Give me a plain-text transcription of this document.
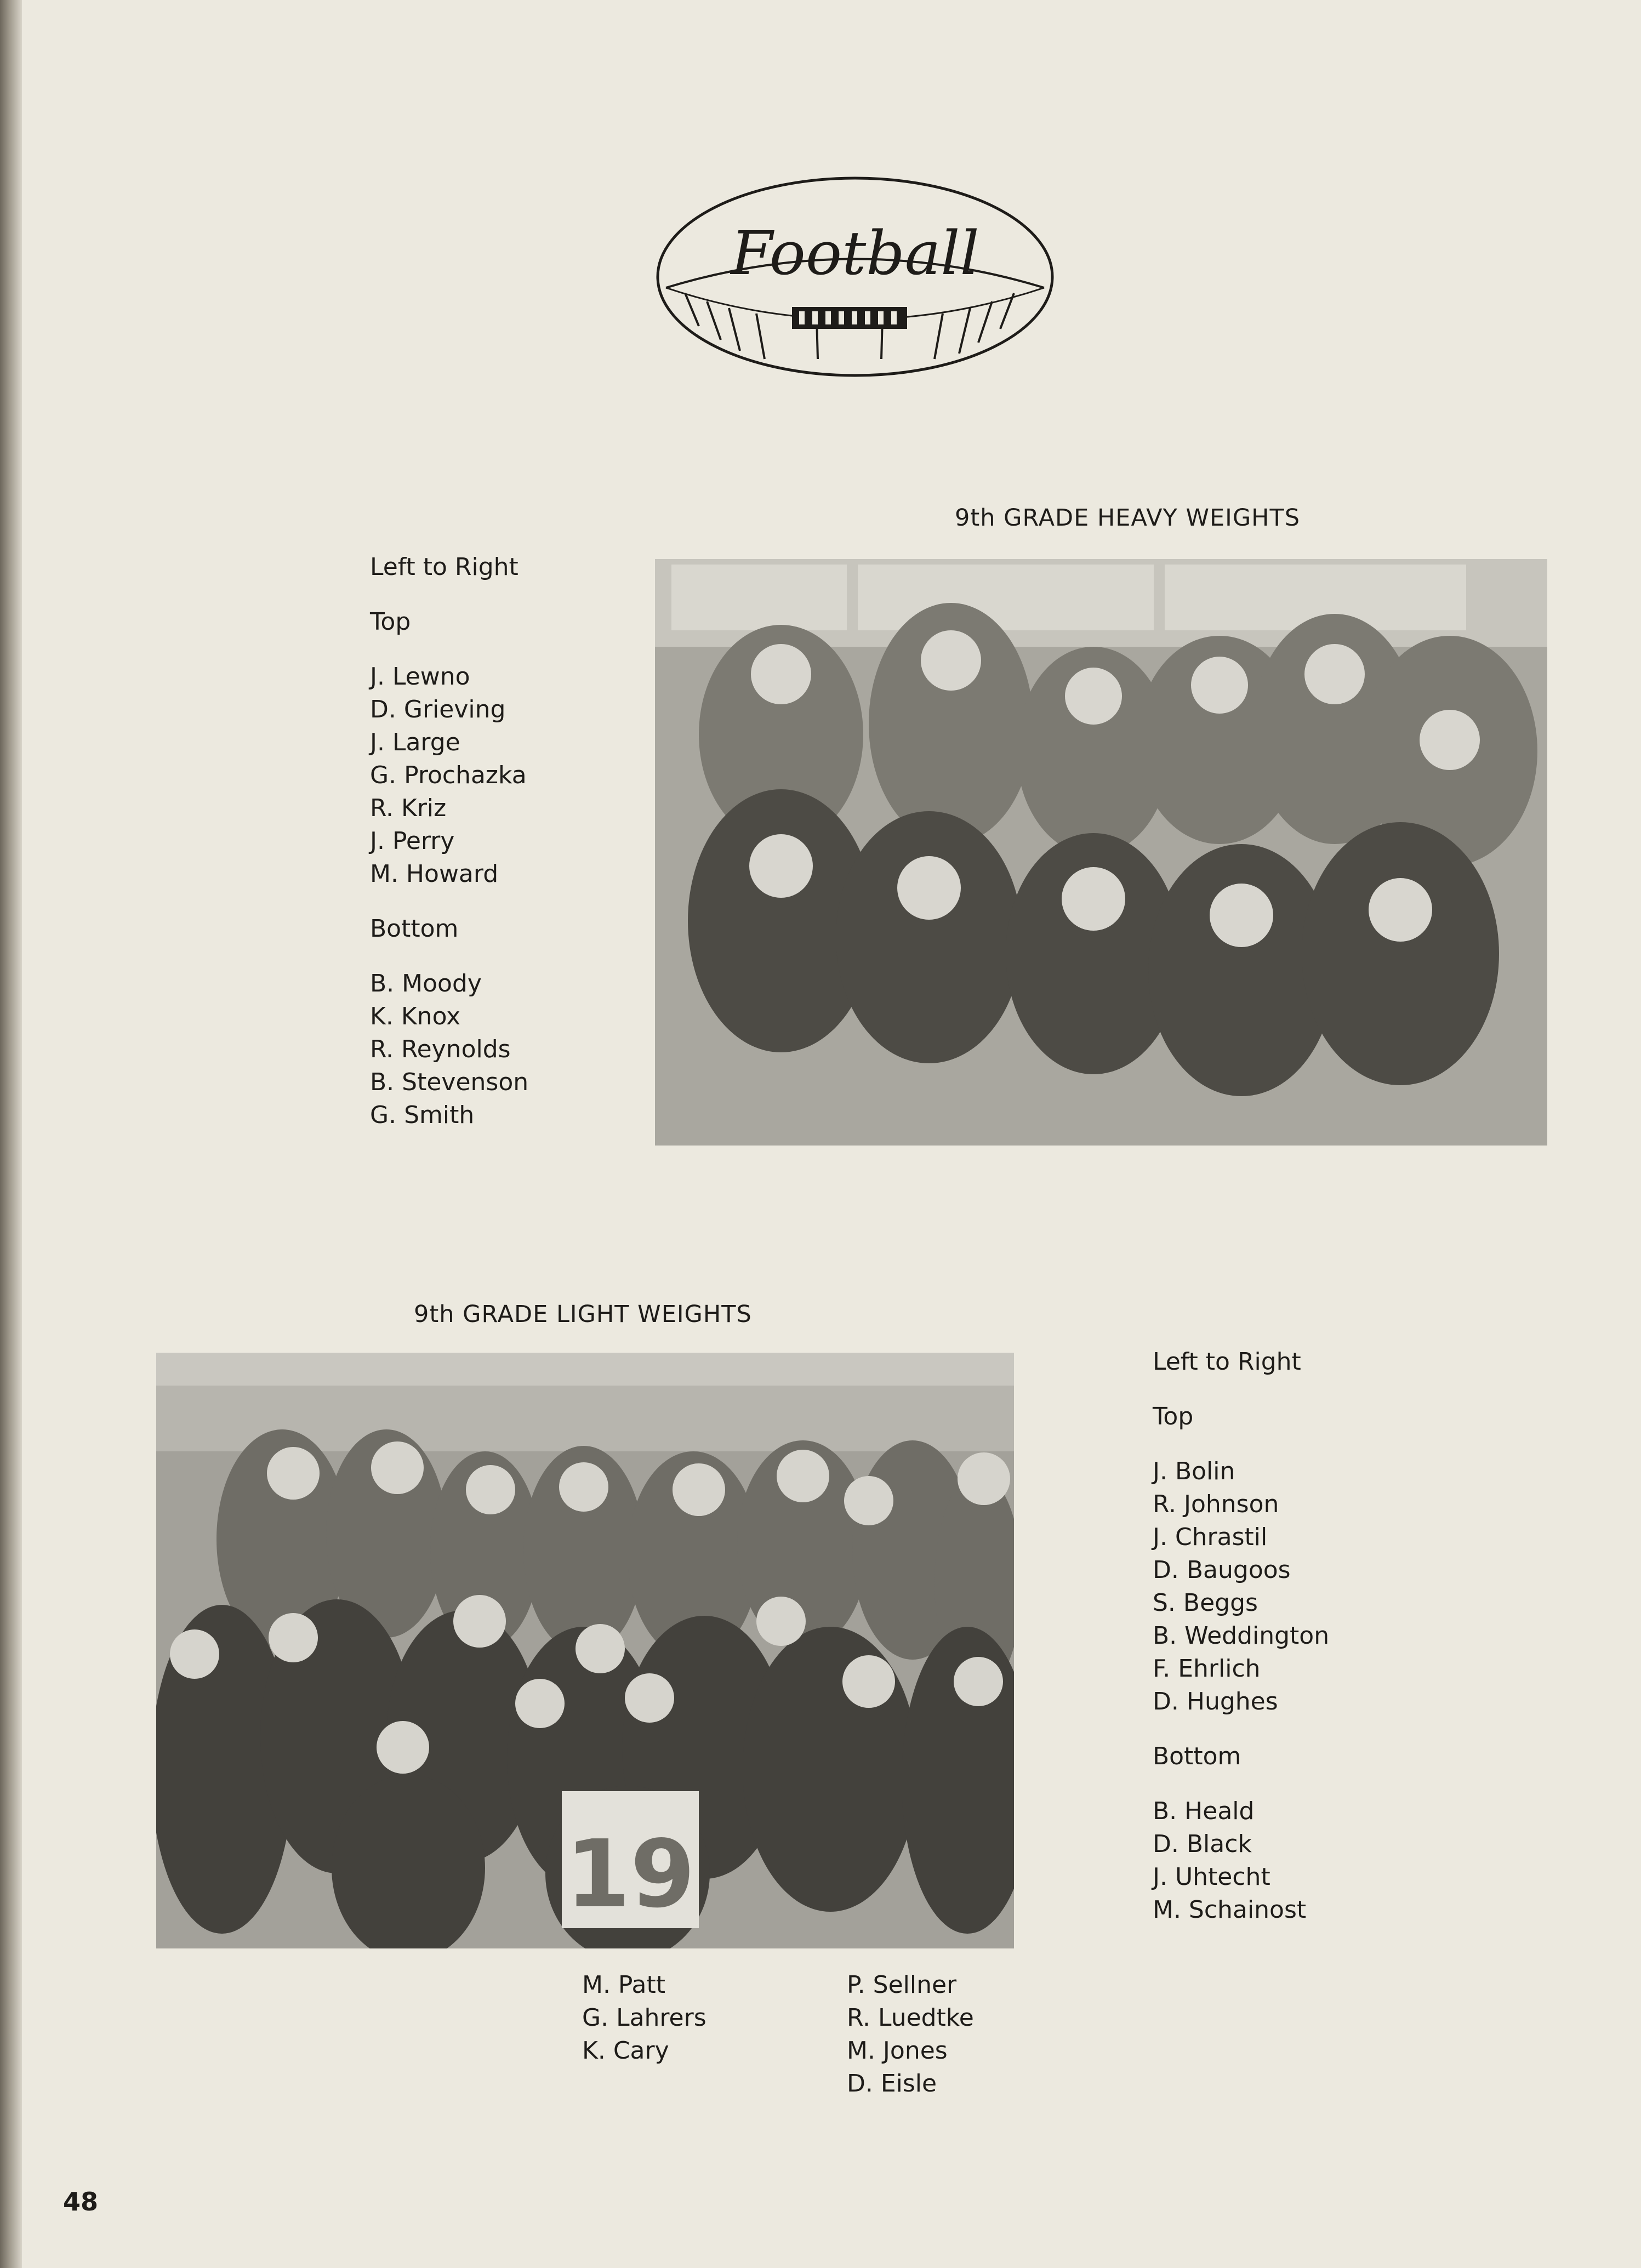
Football
9th GRADE HEAVY WEIGHTS
Left to Right
Top
J. Lewno
D. Grieving
J. Large
G. Prochazka
R. Kriz
J. Perry
M. Howard
Bottom
B. Moody
K. Knox
R. Reynolds
B. Stevenson
G. Smith
9th GRADE LIGHT WEIGHTS
19
Left to Right
Top
J. Bolin
R. Johnson
J. Chrastil
D. Baugoos
S. Beggs
B. Weddington
F. Ehrlich
D. Hughes
Bottom
B. Heald
D. Black
J. Uhtecht
M. Schainost
M. Patt
G. Lahrers
K. Cary
P. Sellner
R. Luedtke
M. Jones
D. Eisle
48
